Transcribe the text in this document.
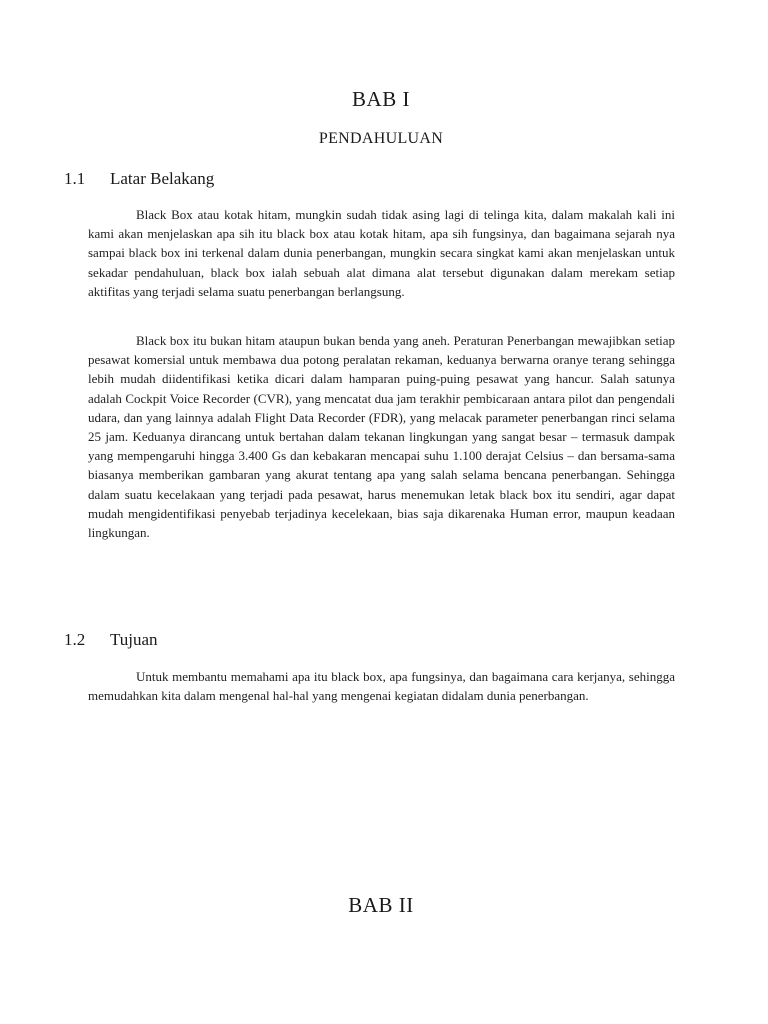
BAB I
PENDAHULUAN
1.1 Latar Belakang

Black Box atau kotak hitam, mungkin sudah tidak asing lagi di telinga kita, dalam makalah kali ini kami akan menjelaskan apa sih itu black box atau kotak hitam, apa sih fungsinya, dan bagaimana sejarah nya sampai black box ini terkenal dalam dunia penerbangan, mungkin secara singkat kami akan menjelaskan untuk sekadar pendahuluan, black box ialah sebuah alat dimana alat tersebut digunakan dalam merekam setiap aktifitas yang terjadi selama suatu penerbangan berlangsung.

Black box itu bukan hitam ataupun bukan benda yang aneh. Peraturan Penerbangan mewajibkan setiap pesawat komersial untuk membawa dua potong peralatan rekaman, keduanya berwarna oranye terang sehingga lebih mudah diidentifikasi ketika dicari dalam hamparan puing-puing pesawat yang hancur. Salah satunya adalah Cockpit Voice Recorder (CVR), yang mencatat dua jam terakhir pembicaraan antara pilot dan pengendali udara, dan yang lainnya adalah Flight Data Recorder (FDR), yang melacak parameter penerbangan rinci selama 25 jam. Keduanya dirancang untuk bertahan dalam tekanan lingkungan yang sangat besar – termasuk dampak yang mempengaruhi hingga 3.400 Gs dan kebakaran mencapai suhu 1.100 derajat Celsius – dan bersama-sama biasanya memberikan gambaran yang akurat tentang apa yang salah selama bencana penerbangan. Sehingga dalam suatu kecelakaan yang terjadi pada pesawat, harus menemukan letak black box itu sendiri, agar dapat mudah mengidentifikasi penyebab terjadinya kecelekaan, bias saja dikarenaka Human error, maupun keadaan lingkungan.

1.2 Tujuan

Untuk membantu memahami apa itu black box, apa fungsinya, dan bagaimana cara kerjanya, sehingga memudahkan kita dalam mengenal hal-hal yang mengenai kegiatan didalam dunia penerbangan.

BAB II
